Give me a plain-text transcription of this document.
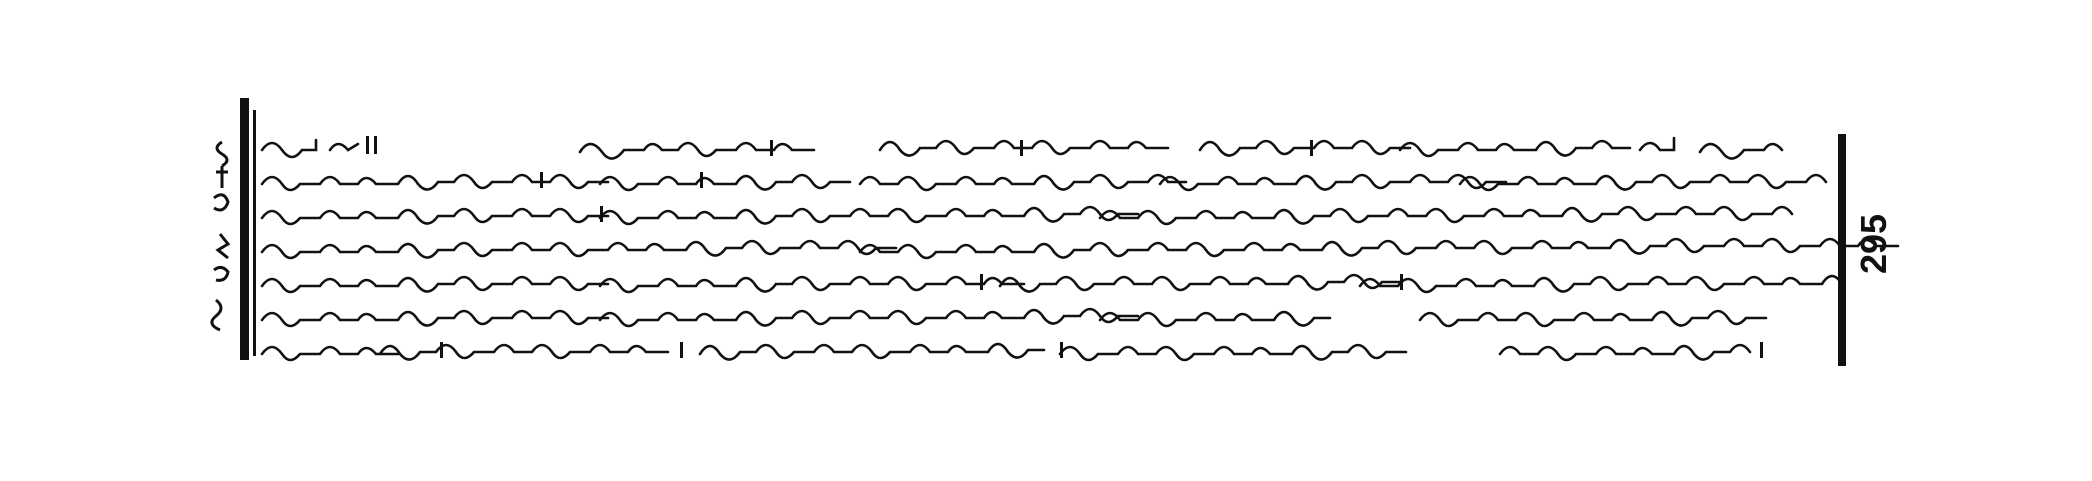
295
